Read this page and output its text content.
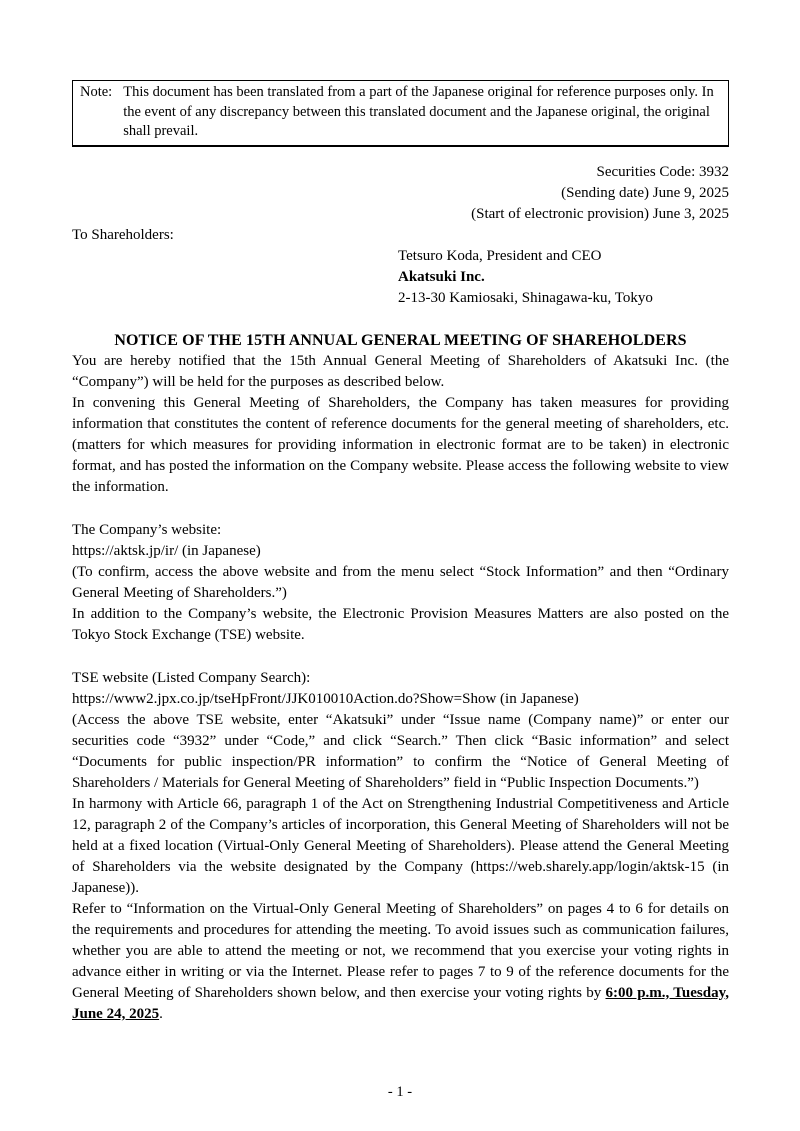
Note: This document has been translated from a part of the Japanese original for reference purposes only. In the event of any discrepancy between this translated document and the Japanese original, the original shall prevail.
Securities Code: 3932
(Sending date) June 9, 2025
(Start of electronic provision) June 3, 2025
To Shareholders:
Tetsuro Koda, President and CEO
Akatsuki Inc.
2-13-30 Kamiosaki, Shinagawa-ku, Tokyo
NOTICE OF THE 15TH ANNUAL GENERAL MEETING OF SHAREHOLDERS

You are hereby notified that the 15th Annual General Meeting of Shareholders of Akatsuki Inc. (the “Company”) will be held for the purposes as described below.

In convening this General Meeting of Shareholders, the Company has taken measures for providing information that constitutes the content of reference documents for the general meeting of shareholders, etc. (matters for which measures for providing information in electronic format are to be taken) in electronic format, and has posted the information on the Company website. Please access the following website to view the information.

The Company’s website:

https://aktsk.jp/ir/ (in Japanese)

(To confirm, access the above website and from the menu select “Stock Information” and then “Ordinary General Meeting of Shareholders.”)

In addition to the Company’s website, the Electronic Provision Measures Matters are also posted on the Tokyo Stock Exchange (TSE) website.

TSE website (Listed Company Search):

https://www2.jpx.co.jp/tseHpFront/JJK010010Action.do?Show=Show (in Japanese)

(Access the above TSE website, enter “Akatsuki” under “Issue name (Company name)” or enter our securities code “3932” under “Code,” and click “Search.” Then click “Basic information” and select “Documents for public inspection/PR information” to confirm the “Notice of General Meeting of Shareholders / Materials for General Meeting of Shareholders” field in “Public Inspection Documents.”)

In harmony with Article 66, paragraph 1 of the Act on Strengthening Industrial Competitiveness and Article 12, paragraph 2 of the Company’s articles of incorporation, this General Meeting of Shareholders will not be held at a fixed location (Virtual-Only General Meeting of Shareholders). Please attend the General Meeting of Shareholders via the website designated by the Company (https://web.sharely.app/login/aktsk-15 (in Japanese)).

Refer to “Information on the Virtual-Only General Meeting of Shareholders” on pages 4 to 6 for details on the requirements and procedures for attending the meeting. To avoid issues such as communication failures, whether you are able to attend the meeting or not, we recommend that you exercise your voting rights in advance either in writing or via the Internet. Please refer to pages 7 to 9 of the reference documents for the General Meeting of Shareholders shown below, and then exercise your voting rights by 6:00 p.m., Tuesday, June 24, 2025.

- 1 -
